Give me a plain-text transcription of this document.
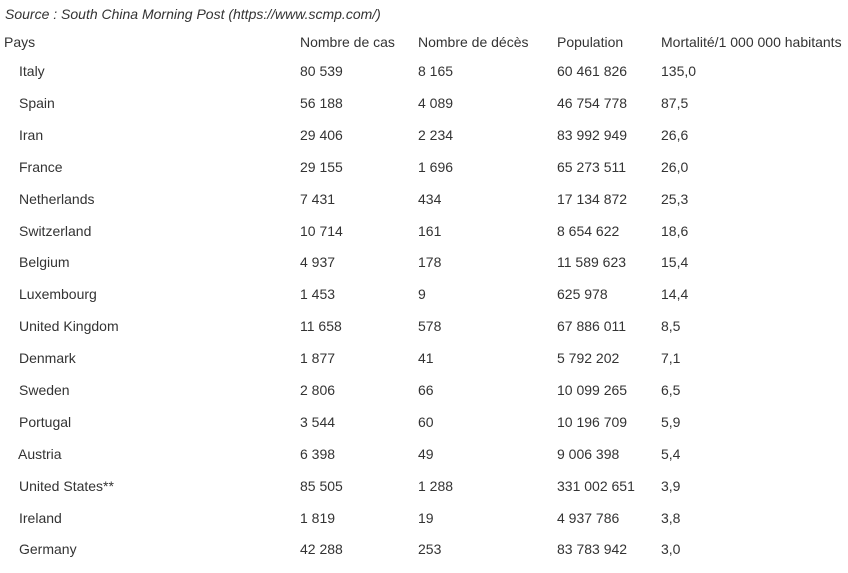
Source : South China Morning Post (https://www.scmp.com/)
Pays	Nombre de cas	Nombre de décès	Population	Mortalité/1 000 000 habitants
Italy	80 539	8 165	60 461 826	135,0
Spain	56 188	4 089	46 754 778	87,5
Iran	29 406	2 234	83 992 949	26,6
France	29 155	1 696	65 273 511	26,0
Netherlands	7 431	434	17 134 872	25,3
Switzerland	10 714	161	8 654 622	18,6
Belgium	4 937	178	11 589 623	15,4
Luxembourg	1 453	9	625 978	14,4
United Kingdom	11 658	578	67 886 011	8,5
Denmark	1 877	41	5 792 202	7,1
Sweden	2 806	66	10 099 265	6,5
Portugal	3 544	60	10 196 709	5,9
Austria	6 398	49	9 006 398	5,4
United States**	85 505	1 288	331 002 651	3,9
Ireland	1 819	19	4 937 786	3,8
Germany	42 288	253	83 783 942	3,0
